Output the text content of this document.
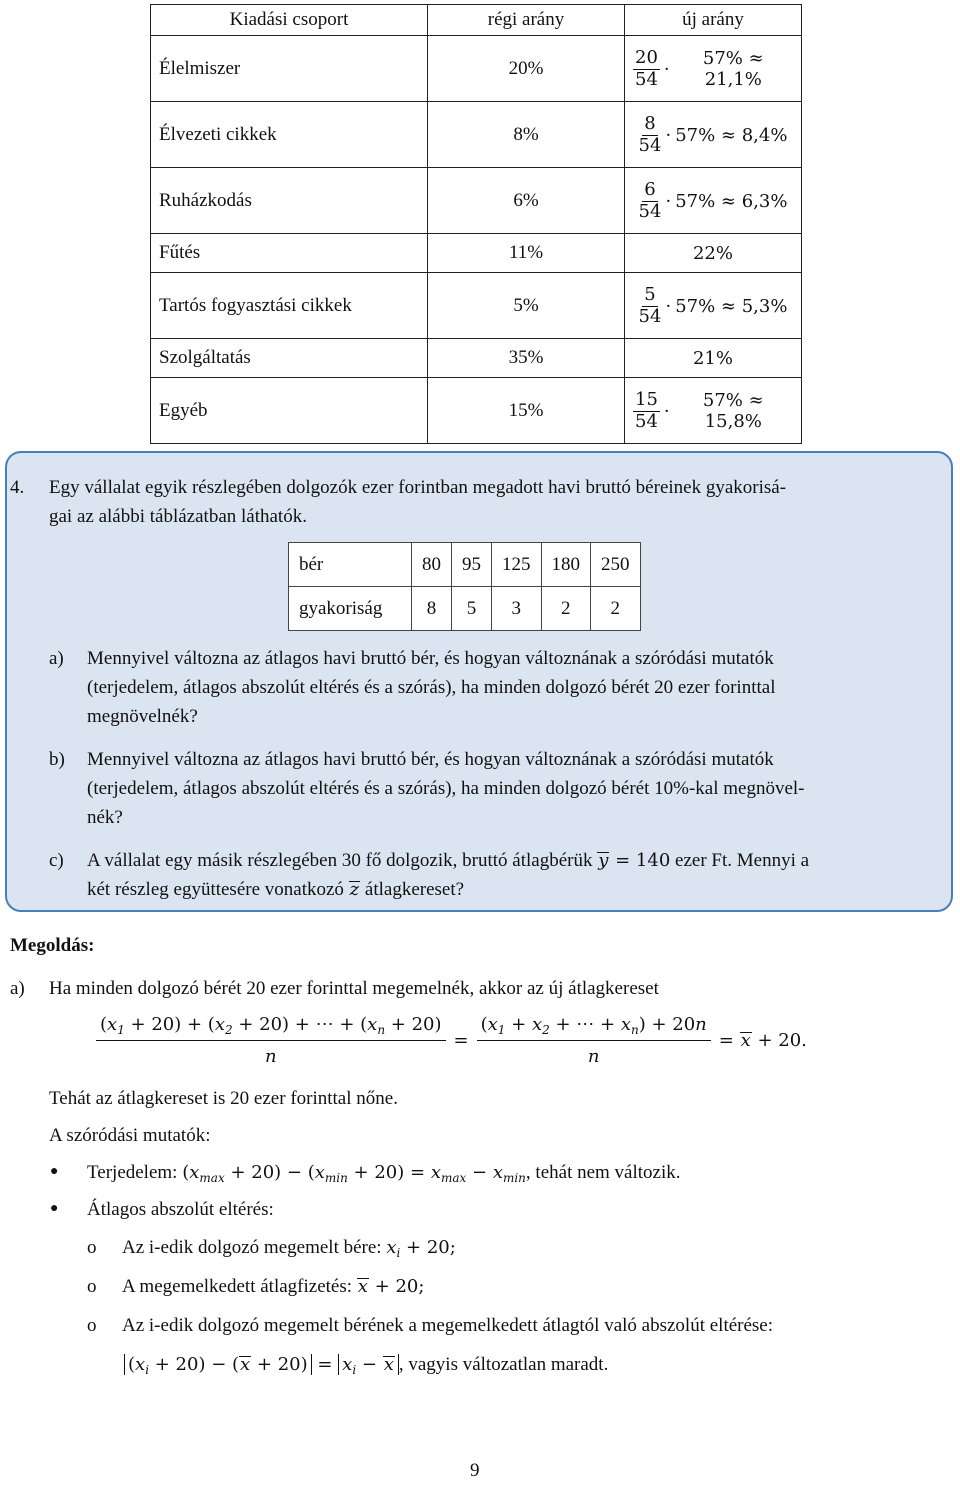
Kiadási csoport	régi arány	új arány
Élelmiszer	20%	$\frac{20}{54} \cdot 57\% \approx 21,1\%$

Élvezeti cikkek	8%	$\frac{8}{54} \cdot 57\% \approx 8,4\%$

Ruházkodás	6%	$\frac{6}{54} \cdot 57\% \approx 6,3\%$

Fűtés	11%	22%
Tartós fogyasztási cikkek	5%	$\frac{5}{54} \cdot 57\% \approx 5,3\%$

Szolgáltatás	35%	21%
Egyéb	15%	$\frac{15}{54} \cdot 57\% \approx 15,8\%$
4. Egy vállalat egyik részlegében dolgozók ezer forintban megadott havi bruttó béreinek gyakorisá-
gai az alábbi táblázatban láthatók.
bér	80	95	125	180	250
gyakoriság	8	5	3	2	2
a) Mennyivel változna az átlagos havi bruttó bér, és hogyan változnának a szóródási mutatók
(terjedelem, átlagos abszolút eltérés és a szórás), ha minden dolgozó bérét 20 ezer forinttal
megnövelnék?
b) Mennyivel változna az átlagos havi bruttó bér, és hogyan változnának a szóródási mutatók
(terjedelem, átlagos abszolút eltérés és a szórás), ha minden dolgozó bérét 10%-kal megnövel-
nék?
c) A vállalat egy másik részlegében 30 fő dolgozik, bruttó átlagbérük y = 140 ezer Ft. Mennyi a
két részleg együttesére vonatkozó z átlagkereset?
Megoldás:
a) Ha minden dolgozó bérét 20 ezer forinttal megemelnék, akkor az új átlagkereset
$\frac{(x_1 + 20) + (x_2 + 20) + \cdots + (x_n + 20)}{n} = \frac{(x_1 + x_2 + \cdots + x_n) + 20n}{n} = x + 20$.
Tehát az átlagkereset is 20 ezer forinttal nőne.
A szóródási mutatók:
● Terjedelem: $(x_{max} + 20) - (x_{min} + 20) = x_{max} - x_{min}$, tehát nem változik.
● Átlagos abszolút eltérés:
o Az i-edik dolgozó megemelt bére: $x_i + 20$;
o A megemelkedett átlagfizetés: x + 20;
o Az i-edik dolgozó megemelt bérének a megemelkedett átlagtól való abszolút eltérése:
$(x_i + 20) - (x + 20) = x_i - x$ , vagyis változatlan maradt.
9
